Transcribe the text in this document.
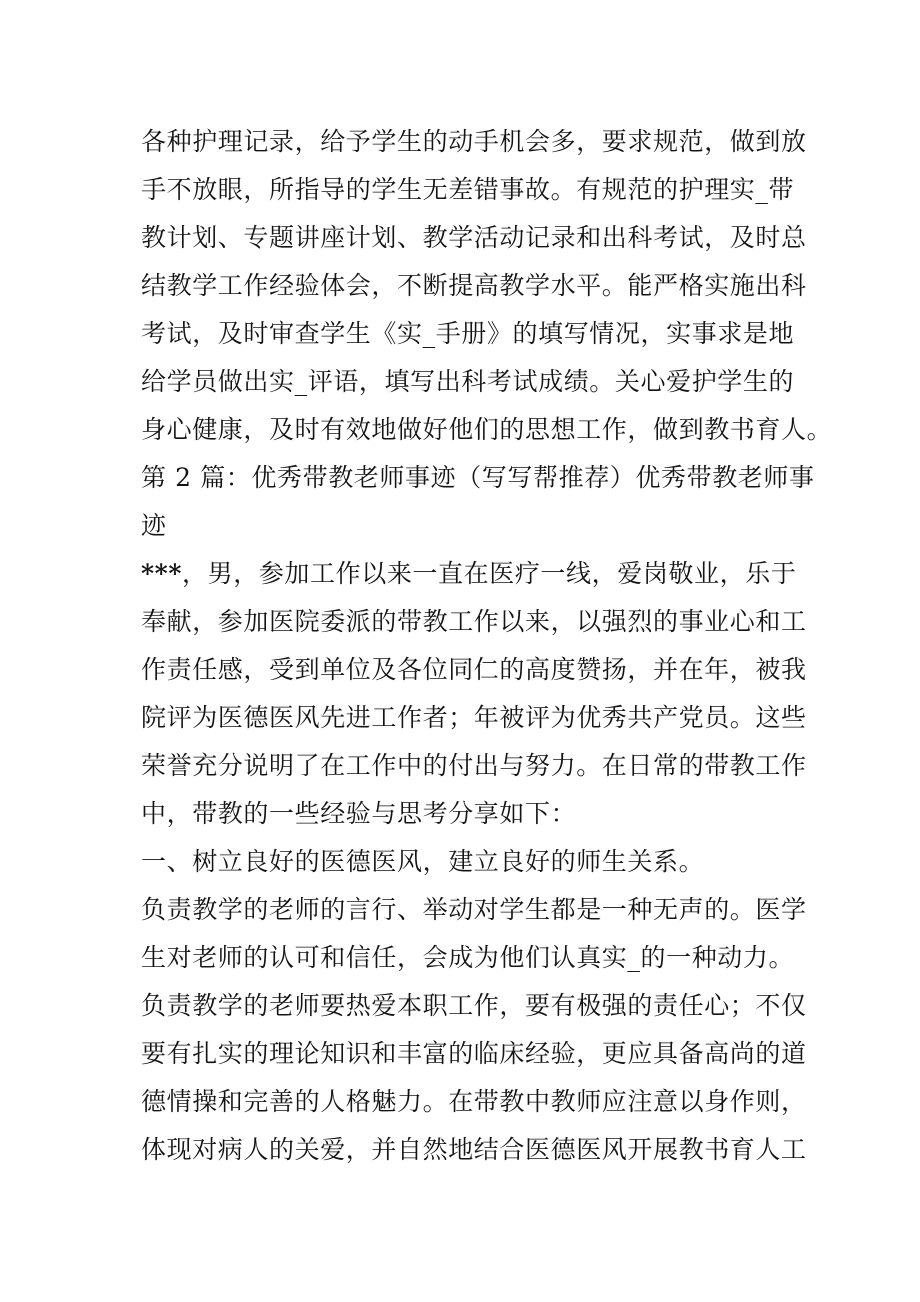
各种护理记录，给予学生的动手机会多，要求规范，做到放
手不放眼，所指导的学生无差错事故。有规范的护理实_带
教计划、专题讲座计划、教学活动记录和出科考试，及时总
结教学工作经验体会，不断提高教学水平。能严格实施出科
考试，及时审查学生《实_手册》的填写情况，实事求是地
给学员做出实_评语，填写出科考试成绩。关心爱护学生的
身心健康，及时有效地做好他们的思想工作，做到教书育人。
第 2 篇：优秀带教老师事迹（写写帮推荐）优秀带教老师事
迹
***，男，参加工作以来一直在医疗一线，爱岗敬业，乐于
奉献，参加医院委派的带教工作以来，以强烈的事业心和工
作责任感，受到单位及各位同仁的高度赞扬，并在年，被我
院评为医德医风先进工作者；年被评为优秀共产党员。这些
荣誉充分说明了在工作中的付出与努力。在日常的带教工作
中，带教的一些经验与思考分享如下：
一、树立良好的医德医风，建立良好的师生关系。
负责教学的老师的言行、举动对学生都是一种无声的。医学
生对老师的认可和信任，会成为他们认真实_的一种动力。
负责教学的老师要热爱本职工作，要有极强的责任心；不仅
要有扎实的理论知识和丰富的临床经验，更应具备高尚的道
德情操和完善的人格魅力。在带教中教师应注意以身作则，
体现对病人的关爱，并自然地结合医德医风开展教书育人工
